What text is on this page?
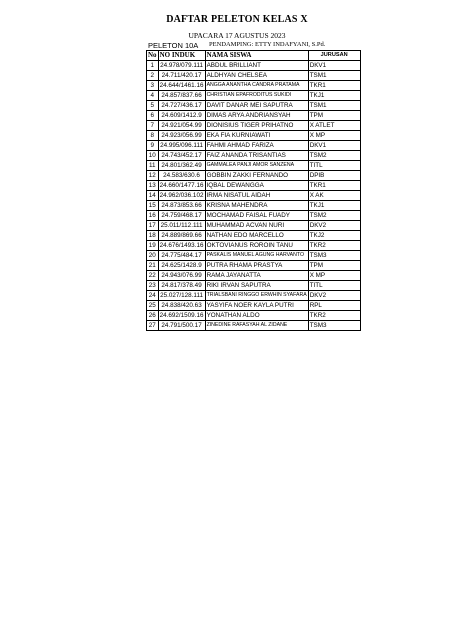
DAFTAR PELETON KELAS X
UPACARA 17 AGUSTUS 2023
PELETON 10A PENDAMPING: ETTY INDAFYANI, S.Pd.
No	NO INDUK	NAMA SISWA	JURUSAN
1	24.978/079.111	ABDUL BRILLIANT	DKV1
2	24.711/420.17	ALDHYAN CHELSEA	TSM1
3	24.644/1461.16	ANGGA ANANTHA CANDRA PRATAMA	TKR1
4	24.857/837.66	CHRISTIAN EPAFRODITUS SUKIDI	TKJ1
5	24.727/436.17	DAVIT DANAR MEI SAPUTRA	TSM1
6	24.609/1412.9	DIMAS ARYA ANDRIANSYAH	TPM
7	24.921/054.99	DIONISIUS TIGER PRIHATNO	X ATLET
8	24.923/056.99	EKA FIA KURNIAWATI	X MP
9	24.995/096.111	FAHMI AHMAD FARIZA	DKV1
10	24.743/452.17	FAIZ ANANDA TRISANTIAS	TSM2
11	24.801/362.49	GAMMALEA PANJI AMOR SANZENA	TITL
12	24.583/630.6	GOBBIN ZAKKI FERNANDO	DPIB
13	24.660/1477.16	IQBAL DEWANGGA	TKR1
14	24.962/036.102	IRMA NISATUL AIDAH	X AK
15	24.873/853.66	KRISNA MAHENDRA	TKJ1
16	24.759/468.17	MOCHAMAD FAISAL FUADY	TSM2
17	25.011/112.111	MUHAMMAD ACVAN NURI	DKV2
18	24.889/869.66	NATHAN EDO MARCELLO	TKJ2
19	24.676/1493.16	OKTOVIANUS ROROIN TANU	TKR2
20	24.775/484.17	PASKALIS MANUEL AGUNG HARVANTO	TSM3
21	24.625/1428.9	PUTRA RHAMA PRASTYA	TPM
22	24.943/076.99	RAMA JAYANATTA	X MP
23	24.817/378.49	RIKI IRVAN SAPUTRA	TITL
24	25.027/128.111	TRIALSBANI RINGGO ERWHIN SYAFARA	DKV2
25	24.838/420.63	YASYIFA NOER KAYLA PUTRI	RPL
26	24.692/1509.16	YONATHAN ALDO	TKR2
27	24.791/500.17	ZINEDINE RAFASYAH AL ZIDANE	TSM3
